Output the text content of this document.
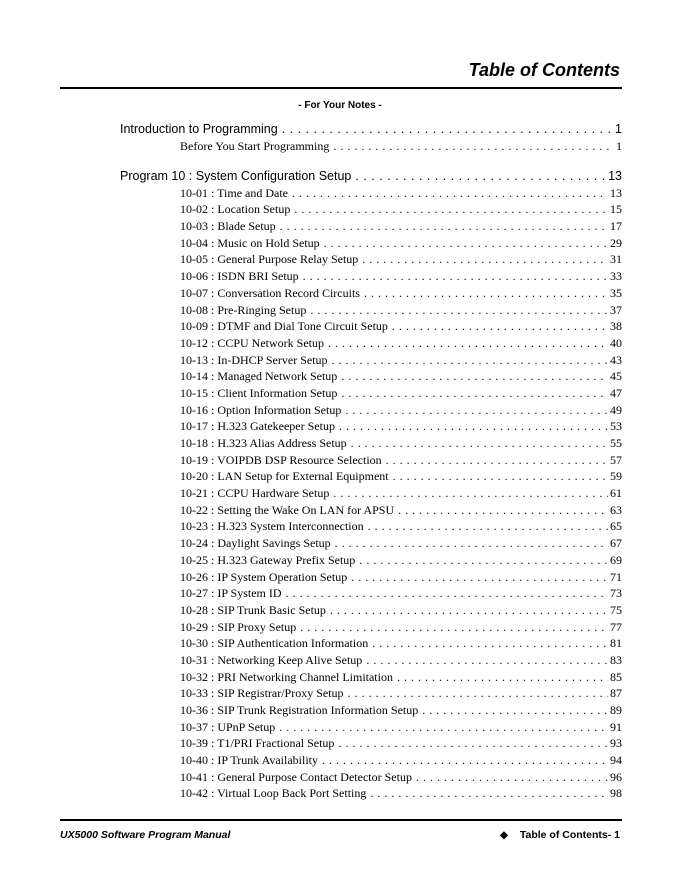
Table of Contents
- For Your Notes -
Introduction to Programming . . .	1
Before You Start Programming . . .	1
Program 10 : System Configuration Setup . . .	13
10-01 : Time and Date . . .	13
10-02 : Location Setup . . .	15
10-03 : Blade Setup . . .	17
10-04 : Music on Hold Setup . . .	29
10-05 : General Purpose Relay Setup . . .	31
10-06 : ISDN BRI Setup . . .	33
10-07 : Conversation Record Circuits . . .	35
10-08 : Pre-Ringing Setup . . .	37
10-09 : DTMF and Dial Tone Circuit Setup . . .	38
10-12 : CCPU Network Setup . . .	40
10-13 : In-DHCP Server Setup . . .	43
10-14 : Managed Network Setup . . .	45
10-15 : Client Information Setup . . .	47
10-16 : Option Information Setup . . .	49
10-17 : H.323 Gatekeeper Setup . . .	53
10-18 : H.323 Alias Address Setup . . .	55
10-19 : VOIPDB DSP Resource Selection . . .	57
10-20 : LAN Setup for External Equipment . . .	59
10-21 : CCPU Hardware Setup . . .	61
10-22 : Setting the Wake On LAN for APSU . . .	63
10-23 : H.323 System Interconnection . . .	65
10-24 : Daylight Savings Setup . . .	67
10-25 : H.323 Gateway Prefix Setup . . .	69
10-26 : IP System Operation Setup . . .	71
10-27 : IP System ID . . .	73
10-28 : SIP Trunk Basic Setup . . .	75
10-29 : SIP Proxy Setup . . .	77
10-30 : SIP Authentication Information . . .	81
10-31 : Networking Keep Alive Setup . . .	83
10-32 : PRI Networking Channel Limitation . . .	85
10-33 : SIP Registrar/Proxy Setup . . .	87
10-36 : SIP Trunk Registration Information Setup . . .	89
10-37 : UPnP Setup . . .	91
10-39 : T1/PRI Fractional Setup . . .	93
10-40 : IP Trunk Availability . . .	94
10-41 : General Purpose Contact Detector Setup . . .	96
10-42 : Virtual Loop Back Port Setting . . .	98
UX5000 Software Program Manual	◆ Table of Contents- 1
